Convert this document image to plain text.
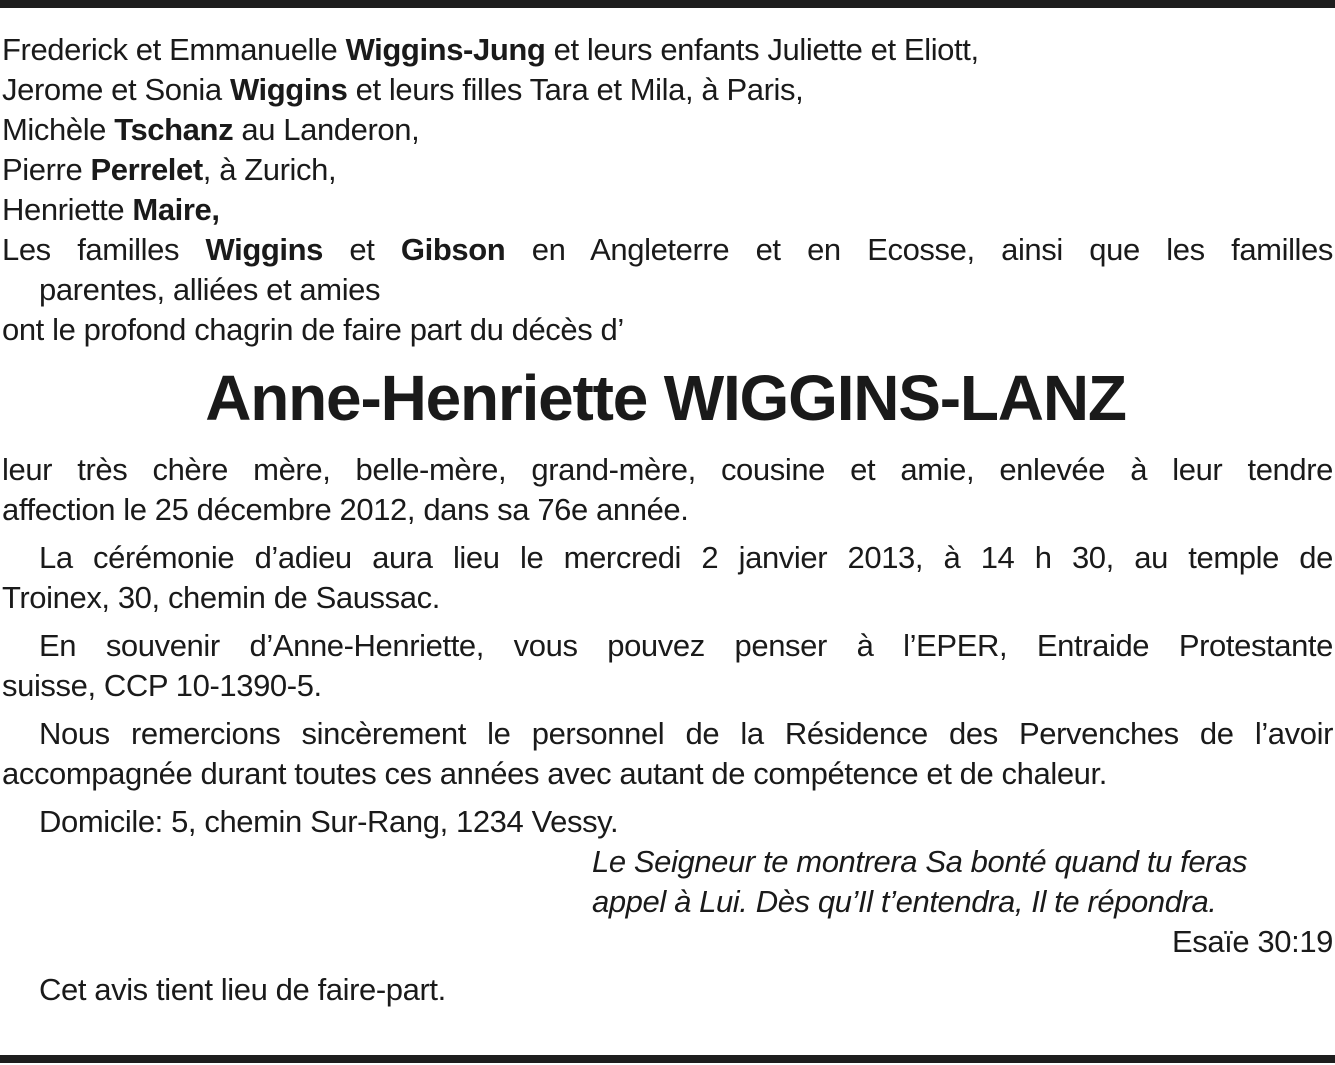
Frederick et Emmanuelle Wiggins-Jung et leurs enfants Juliette et Eliott,
Jerome et Sonia Wiggins et leurs filles Tara et Mila, à Paris,
Michèle Tschanz au Landeron,
Pierre Perrelet, à Zurich,
Henriette Maire,
Les familles Wiggins et Gibson en Angleterre et en Ecosse, ainsi que les familles
parentes, alliées et amies
ont le profond chagrin de faire part du décès d’
Anne-Henriette WIGGINS-LANZ
leur très chère mère, belle-mère, grand-mère, cousine et amie, enlevée à leur tendre
affection le 25 décembre 2012, dans sa 76e année.
La cérémonie d’adieu aura lieu le mercredi 2 janvier 2013, à 14 h 30, au temple de
Troinex, 30, chemin de Saussac.
En souvenir d’Anne-Henriette, vous pouvez penser à l’EPER, Entraide Protestante
suisse, CCP 10-1390-5.
Nous remercions sincèrement le personnel de la Résidence des Pervenches de l’avoir
accompagnée durant toutes ces années avec autant de compétence et de chaleur.
Domicile: 5, chemin Sur-Rang, 1234 Vessy.
Le Seigneur te montrera Sa bonté quand tu feras
appel à Lui. Dès qu’Il t’entendra, Il te répondra.
Esaïe 30:19
Cet avis tient lieu de faire-part.
